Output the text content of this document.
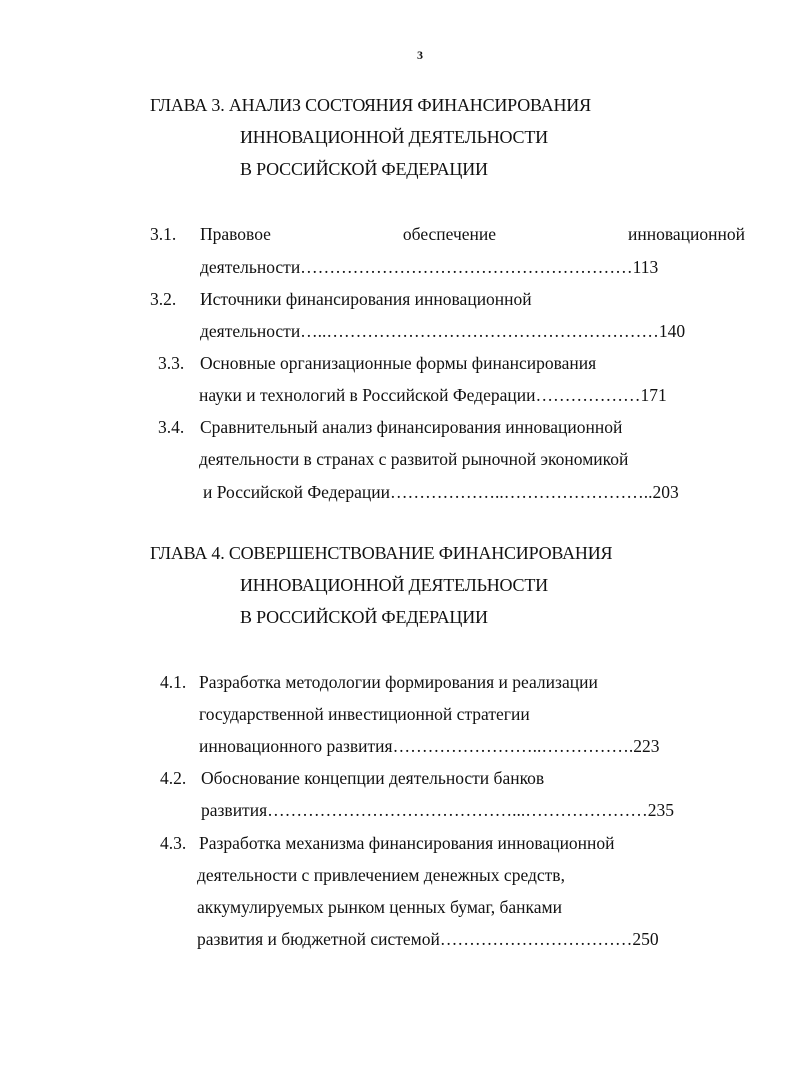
3
ГЛАВА 3. АНАЛИЗ СОСТОЯНИЯ ФИНАНСИРОВАНИЯ
ИННОВАЦИОННОЙ ДЕЯТЕЛЬНОСТИ
В РОССИЙСКОЙ ФЕДЕРАЦИИ
3.1. Правовое	обеспечение	инновационной
деятельности…………………………………………………113
3.2. Источники финансирования инновационной
деятельности…..…………………………………………………140
3.3. Основные организационные формы финансирования
науки и технологий в Российской Федерации………………171
3.4. Сравнительный анализ финансирования инновационной
деятельности в странах с развитой рыночной экономикой
и Российской Федерации………………..……………………..203
ГЛАВА 4. СОВЕРШЕНСТВОВАНИЕ ФИНАНСИРОВАНИЯ
ИННОВАЦИОННОЙ ДЕЯТЕЛЬНОСТИ
В РОССИЙСКОЙ ФЕДЕРАЦИИ
4.1. Разработка методологии формирования и реализации
государственной инвестиционной стратегии
инновационного развития……………………..…………….223
4.2. Обоснование концепции деятельности банков
развития……………………………………...…………………235
4.3. Разработка механизма финансирования инновационной
деятельности с привлечением денежных средств,
аккумулируемых рынком ценных бумаг, банками
развития и бюджетной системой……………………………250
